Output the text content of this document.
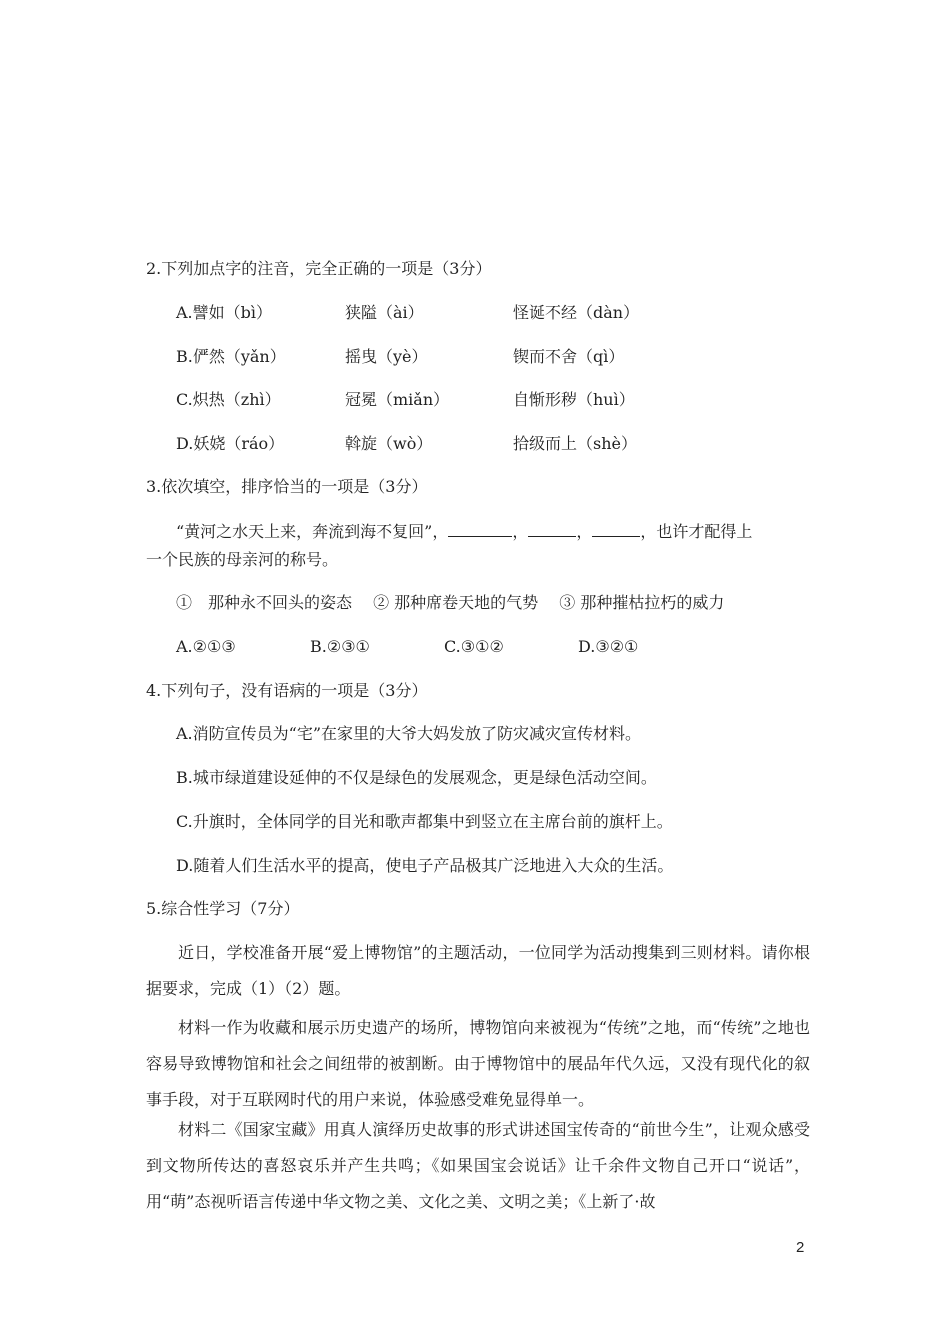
2.下列加点字的注音，完全正确的一项是（3分）
A.譬如（bì）	狭隘（ài）	怪诞不经（dàn）
B.俨然（yǎn）	摇曳（yè）	锲而不舍（qì）
C.炽热（zhì）	冠冕（miǎn）	自惭形秽（huì）
D.妖娆（ráo）	斡旋（wò）	拾级而上（shè）
3.依次填空，排序恰当的一项是（3分）
“黄河之水天上来，奔流到海不复回”，	，	，	，也许才配得上
一个民族的母亲河的称号。
①　那种永不回头的姿态　 ② 那种席卷天地的气势　 ③ 那种摧枯拉朽的威力
A.②①③	B.②③①	C.③①②	D.③②①
4.下列句子，没有语病的一项是（3分）
A.消防宣传员为“宅”在家里的大爷大妈发放了防灾减灾宣传材料。
B.城市绿道建设延伸的不仅是绿色的发展观念，更是绿色活动空间。
C.升旗时，全体同学的目光和歌声都集中到竖立在主席台前的旗杆上。
D.随着人们生活水平的提高，使电子产品极其广泛地进入大众的生活。
5.综合性学习（7分）
近日，学校准备开展“爱上博物馆”的主题活动，一位同学为活动搜集到三则材料。请你根据要求，完成（1）（2）题。
材料一作为收藏和展示历史遗产的场所，博物馆向来被视为“传统”之地，而“传统”之地也容易导致博物馆和社会之间纽带的被割断。由于博物馆中的展品年代久远，又没有现代化的叙事手段，对于互联网时代的用户来说，体验感受难免显得单一。
材料二《国家宝藏》用真人演绎历史故事的形式讲述国宝传奇的“前世今生”，让观众感受到文物所传达的喜怒哀乐并产生共鸣；《如果国宝会说话》让千余件文物自己开口“说话”，用“萌”态视听语言传递中华文物之美、文化之美、文明之美；《上新了·故
2
